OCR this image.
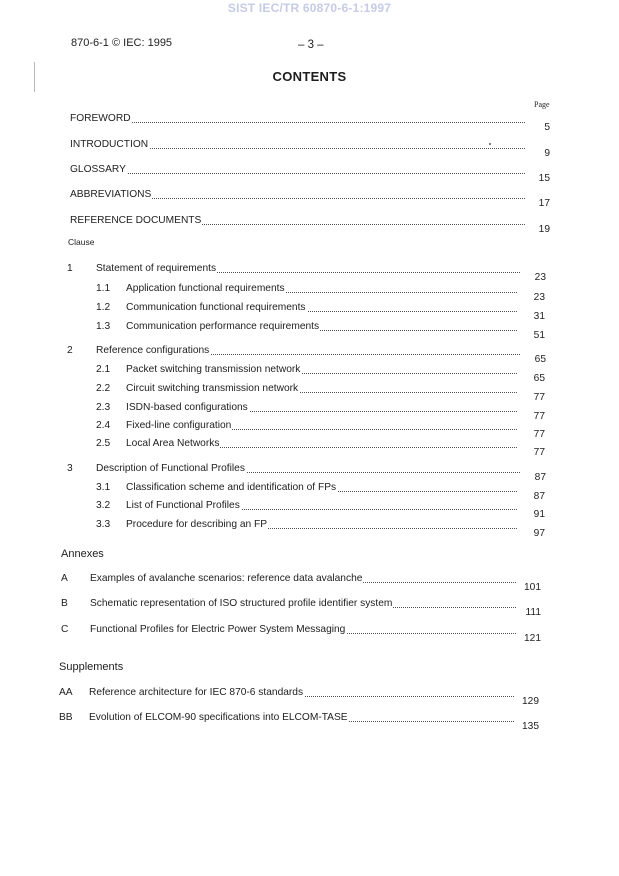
SIST IEC/TR 60870-6-1:1997
870-6-1 © IEC: 1995	– 3 –
CONTENTS
Page
Clause
Annexes
Supplements
FOREWORD
5
INTRODUCTION
9
GLOSSARY
15
ABBREVIATIONS
17
REFERENCE DOCUMENTS
19
1 Statement of requirements
23
1.1 Application functional requirements
23
1.2 Communication functional requirements
31
1.3 Communication performance requirements
51
2 Reference configurations
65
2.1 Packet switching transmission network
65
2.2 Circuit switching transmission network
77
2.3 ISDN-based configurations
77
2.4 Fixed-line configuration
77
2.5 Local Area Networks
77
3 Description of Functional Profiles
87
3.1 Classification scheme and identification of FPs
87
3.2 List of Functional Profiles
91
3.3 Procedure for describing an FP
97
A Examples of avalanche scenarios: reference data avalanche
101
B Schematic representation of ISO structured profile identifier system
111
C Functional Profiles for Electric Power System Messaging
121
AA Reference architecture for IEC 870-6 standards
129
BB Evolution of ELCOM-90 specifications into ELCOM-TASE
135
